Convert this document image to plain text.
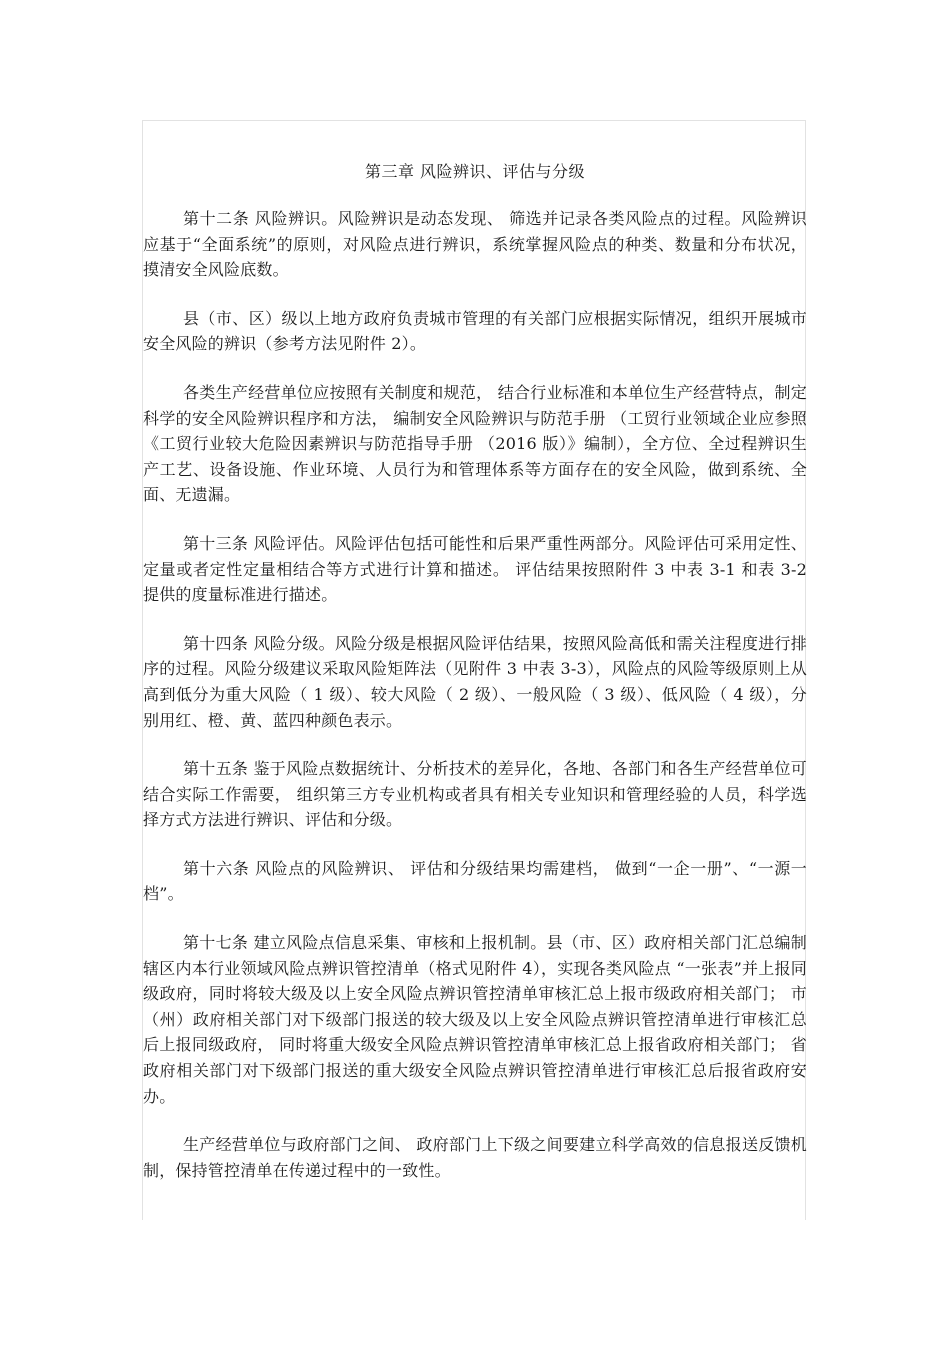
第三章 风险辨识、评估与分级

第十二条 风险辨识。风险辨识是动态发现、 筛选并记录各类风险点的过程。风险辨识应基于“全面系统”的原则，对风险点进行辨识，系统掌握风险点的种类、数量和分布状况，摸清安全风险底数。

县（市、区）级以上地方政府负责城市管理的有关部门应根据实际情况，组织开展城市安全风险的辨识（参考方法见附件 2）。

各类生产经营单位应按照有关制度和规范， 结合行业标准和本单位生产经营特点，制定科学的安全风险辨识程序和方法， 编制安全风险辨识与防范手册 （工贸行业领域企业应参照 《工贸行业较大危险因素辨识与防范指导手册 （2016 版）》编制），全方位、全过程辨识生产工艺、设备设施、作业环境、人员行为和管理体系等方面存在的安全风险，做到系统、全面、无遗漏。

第十三条 风险评估。风险评估包括可能性和后果严重性两部分。风险评估可采用定性、 定量或者定性定量相结合等方式进行计算和描述。 评估结果按照附件 3 中表 3-1 和表 3-2 提供的度量标准进行描述。

第十四条 风险分级。风险分级是根据风险评估结果，按照风险高低和需关注程度进行排序的过程。风险分级建议采取风险矩阵法（见附件 3 中表 3-3），风险点的风险等级原则上从高到低分为重大风险（ 1 级）、较大风险（ 2 级）、一般风险（ 3 级）、低风险（ 4 级），分别用红、橙、黄、蓝四种颜色表示。

第十五条 鉴于风险点数据统计、分析技术的差异化，各地、各部门和各生产经营单位可结合实际工作需要， 组织第三方专业机构或者具有相关专业知识和管理经验的人员，科学选择方式方法进行辨识、评估和分级。

第十六条 风险点的风险辨识、 评估和分级结果均需建档， 做到“一企一册”、“一源一档”。

第十七条 建立风险点信息采集、审核和上报机制。县（市、区）政府相关部门汇总编制辖区内本行业领域风险点辨识管控清单（格式见附件 4），实现各类风险点 “一张表”并上报同级政府，同时将较大级及以上安全风险点辨识管控清单审核汇总上报市级政府相关部门； 市（州）政府相关部门对下级部门报送的较大级及以上安全风险点辨识管控清单进行审核汇总后上报同级政府， 同时将重大级安全风险点辨识管控清单审核汇总上报省政府相关部门； 省政府相关部门对下级部门报送的重大级安全风险点辨识管控清单进行审核汇总后报省政府安办。

生产经营单位与政府部门之间、 政府部门上下级之间要建立科学高效的信息报送反馈机制，保持管控清单在传递过程中的一致性。
